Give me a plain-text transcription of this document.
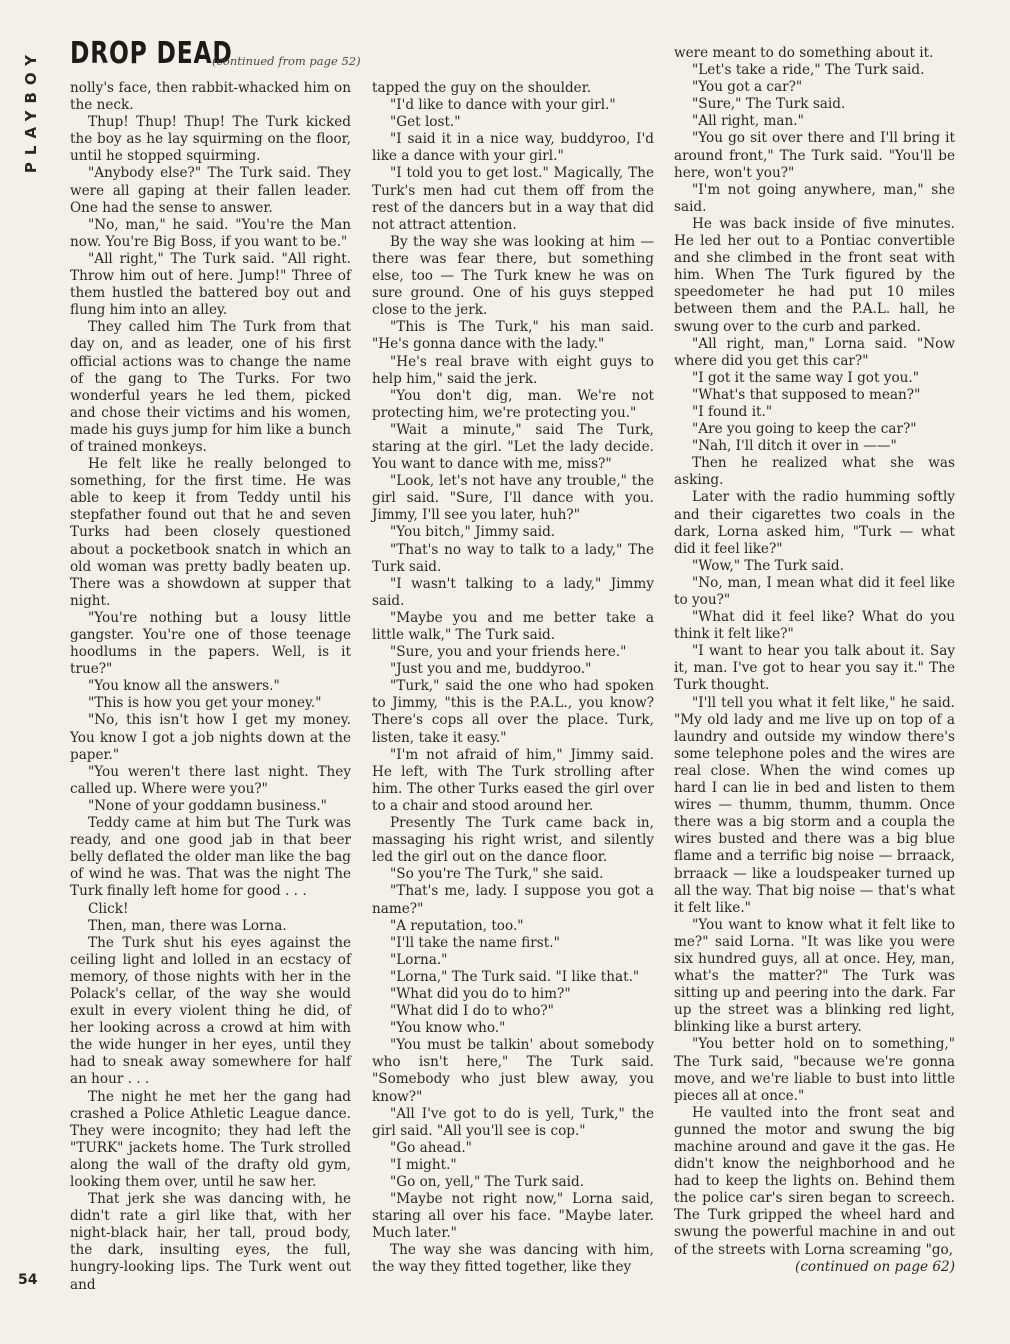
PLAYBOY DROP DEAD
(continued from page 52)

nolly's face, then rabbit-whacked him on the neck.

Thup! Thup! Thup! The Turk kicked the boy as he lay squirming on the floor, until he stopped squirming.

"Anybody else?" The Turk said. They were all gaping at their fallen leader. One had the sense to answer.

"No, man," he said. "You're the Man now. You're Big Boss, if you want to be."

"All right," The Turk said. "All right. Throw him out of here. Jump!" Three of them hustled the battered boy out and flung him into an alley.

They called him The Turk from that day on, and as leader, one of his first official actions was to change the name of the gang to The Turks. For two wonderful years he led them, picked and chose their victims and his women, made his guys jump for him like a bunch of trained monkeys.

He felt like he really belonged to something, for the first time. He was able to keep it from Teddy until his stepfather found out that he and seven Turks had been closely questioned about a pocketbook snatch in which an old woman was pretty badly beaten up. There was a showdown at supper that night.

"You're nothing but a lousy little gangster. You're one of those teenage hoodlums in the papers. Well, is it true?"

"You know all the answers."

"This is how you get your money."

"No, this isn't how I get my money. You know I got a job nights down at the paper."

"You weren't there last night. They called up. Where were you?"

"None of your goddamn business."

Teddy came at him but The Turk was ready, and one good jab in that beer belly deflated the older man like the bag of wind he was. That was the night The Turk finally left home for good . . .

Click!

Then, man, there was Lorna.

The Turk shut his eyes against the ceiling light and lolled in an ecstacy of memory, of those nights with her in the Polack's cellar, of the way she would exult in every violent thing he did, of her looking across a crowd at him with the wide hunger in her eyes, until they had to sneak away somewhere for half an hour . . .

The night he met her the gang had crashed a Police Athletic League dance. They were incognito; they had left the "TURK" jackets home. The Turk strolled along the wall of the drafty old gym, looking them over, until he saw her.

That jerk she was dancing with, he didn't rate a girl like that, with her night-black hair, her tall, proud body, the dark, insulting eyes, the full, hungry-looking lips. The Turk went out and

tapped the guy on the shoulder.

"I'd like to dance with your girl."

"Get lost."

"I said it in a nice way, buddyroo, I'd like a dance with your girl."

"I told you to get lost." Magically, The Turk's men had cut them off from the rest of the dancers but in a way that did not attract attention.

By the way she was looking at him — there was fear there, but something else, too — The Turk knew he was on sure ground. One of his guys stepped close to the jerk.

"This is The Turk," his man said. "He's gonna dance with the lady."

"He's real brave with eight guys to help him," said the jerk.

"You don't dig, man. We're not protecting him, we're protecting you."

"Wait a minute," said The Turk, staring at the girl. "Let the lady decide. You want to dance with me, miss?"

"Look, let's not have any trouble," the girl said. "Sure, I'll dance with you. Jimmy, I'll see you later, huh?"

"You bitch," Jimmy said.

"That's no way to talk to a lady," The Turk said.

"I wasn't talking to a lady," Jimmy said.

"Maybe you and me better take a little walk," The Turk said.

"Sure, you and your friends here."

"Just you and me, buddyroo."

"Turk," said the one who had spoken to Jimmy, "this is the P.A.L., you know? There's cops all over the place. Turk, listen, take it easy."

"I'm not afraid of him," Jimmy said. He left, with The Turk strolling after him. The other Turks eased the girl over to a chair and stood around her.

Presently The Turk came back in, massaging his right wrist, and silently led the girl out on the dance floor.

"So you're The Turk," she said.

"That's me, lady. I suppose you got a name?"

"A reputation, too."

"I'll take the name first."

"Lorna."

"Lorna," The Turk said. "I like that."

"What did you do to him?"

"What did I do to who?"

"You know who."

"You must be talkin' about somebody who isn't here," The Turk said. "Somebody who just blew away, you know?"

"All I've got to do is yell, Turk," the girl said. "All you'll see is cop."

"Go ahead."

"I might."

"Go on, yell," The Turk said.

"Maybe not right now," Lorna said, staring all over his face. "Maybe later. Much later."

The way she was dancing with him, the way they fitted together, like they

were meant to do something about it.

"Let's take a ride," The Turk said.

"You got a car?"

"Sure," The Turk said.

"All right, man."

"You go sit over there and I'll bring it around front," The Turk said. "You'll be here, won't you?"

"I'm not going anywhere, man," she said.

He was back inside of five minutes. He led her out to a Pontiac convertible and she climbed in the front seat with him. When The Turk figured by the speedometer he had put 10 miles between them and the P.A.L. hall, he swung over to the curb and parked.

"All right, man," Lorna said. "Now where did you get this car?"

"I got it the same way I got you."

"What's that supposed to mean?"

"I found it."

"Are you going to keep the car?"

"Nah, I'll ditch it over in ——"

Then he realized what she was asking.

Later with the radio humming softly and their cigarettes two coals in the dark, Lorna asked him, "Turk — what did it feel like?"

"Wow," The Turk said.

"No, man, I mean what did it feel like to you?"

"What did it feel like? What do you think it felt like?"

"I want to hear you talk about it. Say it, man. I've got to hear you say it." The Turk thought.

"I'll tell you what it felt like," he said. "My old lady and me live up on top of a laundry and outside my window there's some telephone poles and the wires are real close. When the wind comes up hard I can lie in bed and listen to them wires — thumm, thumm, thumm. Once there was a big storm and a coupla the wires busted and there was a big blue flame and a terrific big noise — brraack, brraack — like a loudspeaker turned up all the way. That big noise — that's what it felt like."

"You want to know what it felt like to me?" said Lorna. "It was like you were six hundred guys, all at once. Hey, man, what's the matter?" The Turk was sitting up and peering into the dark. Far up the street was a blinking red light, blinking like a burst artery.

"You better hold on to something," The Turk said, "because we're gonna move, and we're liable to bust into little pieces all at once."

He vaulted into the front seat and gunned the motor and swung the big machine around and gave it the gas. He didn't know the neighborhood and he had to keep the lights on. Behind them the police car's siren began to screech. The Turk gripped the wheel hard and swung the powerful machine in and out of the streets with Lorna screaming "go,

(continued on page 62)

54
